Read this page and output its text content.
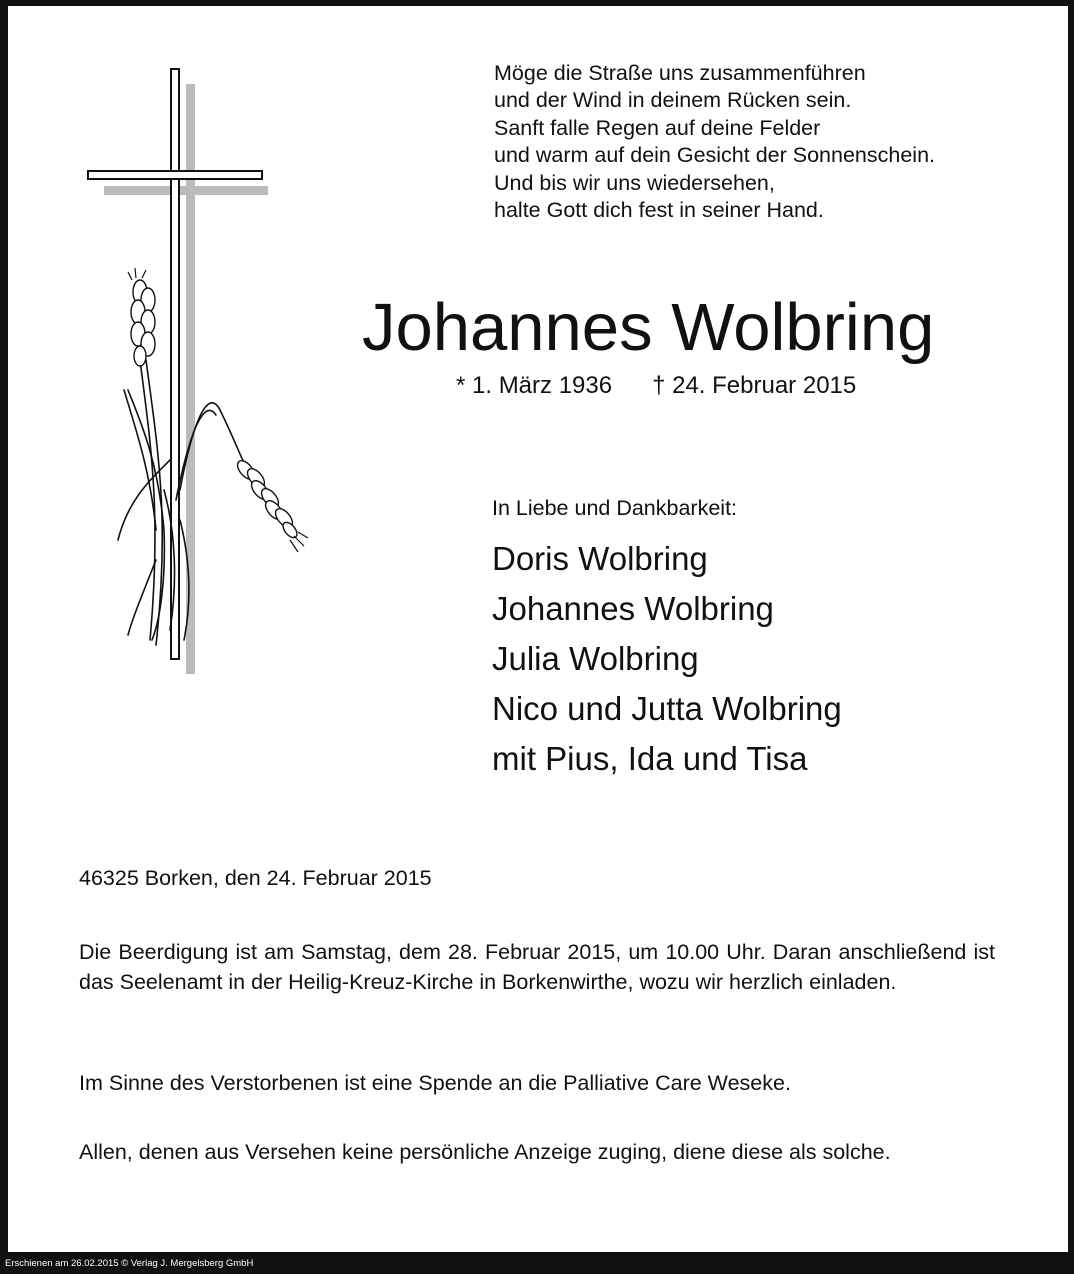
Möge die Straße uns zusammenführen
und der Wind in deinem Rücken sein.
Sanft falle Regen auf deine Felder
und warm auf dein Gesicht der Sonnenschein.
Und bis wir uns wiedersehen,
halte Gott dich fest in seiner Hand.
Johannes Wolbring
* 1. März 1936 † 24. Februar 2015
In Liebe und Dankbarkeit:
Doris Wolbring
Johannes Wolbring
Julia Wolbring
Nico und Jutta Wolbring
mit Pius, Ida und Tisa
46325 Borken, den 24. Februar 2015
Die Beerdigung ist am Samstag, dem 28. Februar 2015, um 10.00 Uhr. Daran anschließend ist das Seelenamt in der Heilig-Kreuz-Kirche in Borkenwirthe, wozu wir herzlich einladen.
Im Sinne des Verstorbenen ist eine Spende an die Palliative Care Weseke.
Allen, denen aus Versehen keine persönliche Anzeige zuging, diene diese als solche.
Erschienen am 26.02.2015 © Verlag J. Mergelsberg GmbH
